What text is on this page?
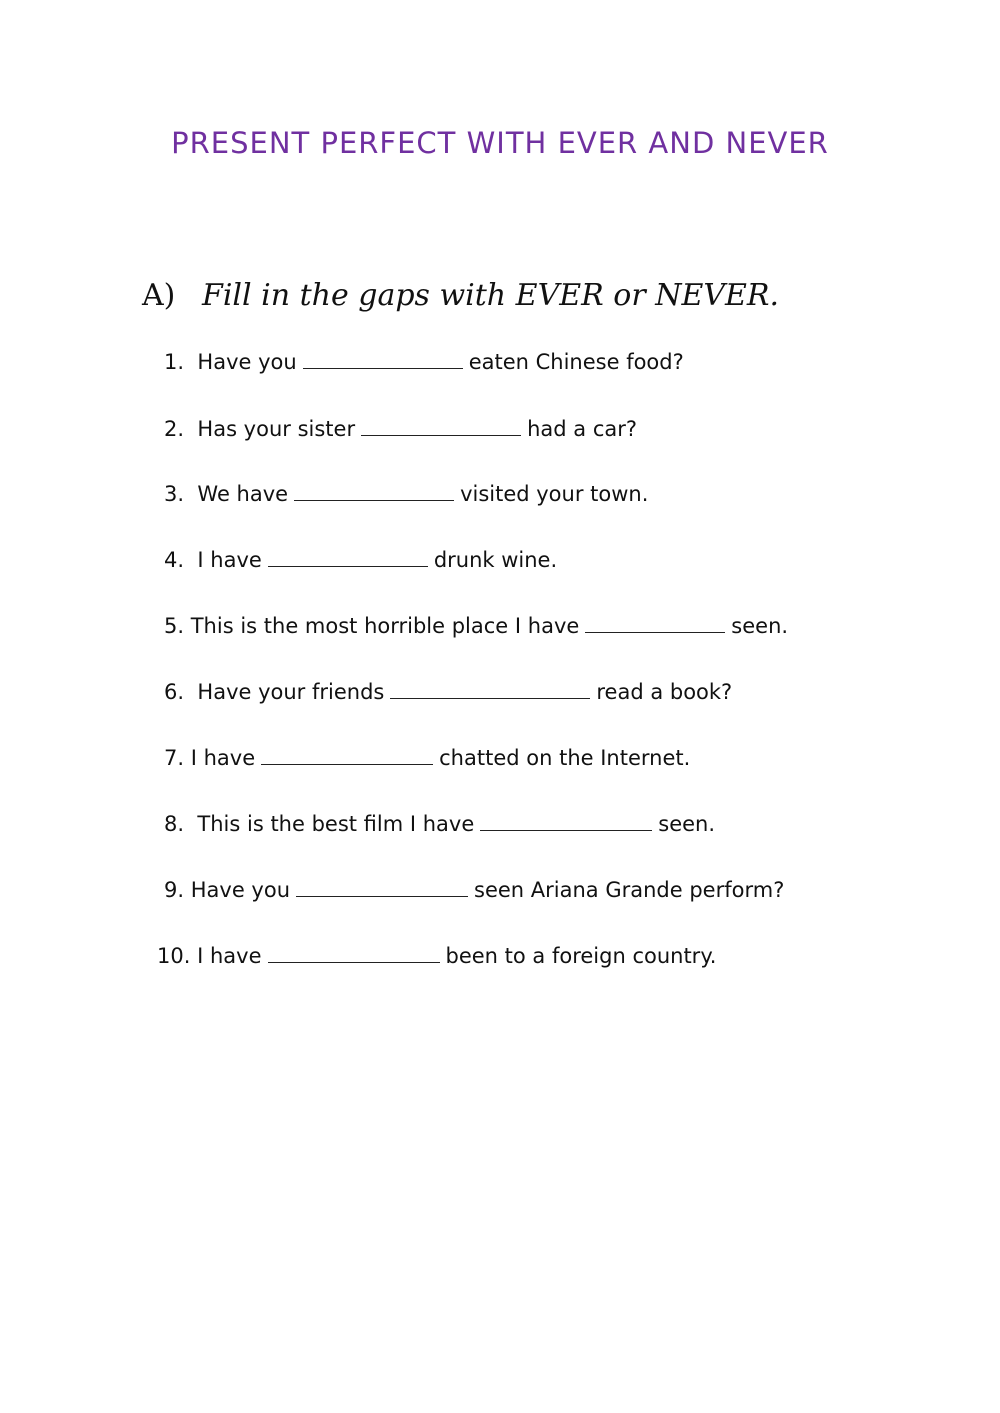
PRESENT PERFECT WITH EVER AND NEVER
A) Fill in the gaps with EVER or NEVER.
1. Have you	eaten Chinese food?
2. Has your sister	had a car?
3. We have	visited your town.
4. I have	drunk wine.
5. This is the most horrible place I have	seen.
6. Have your friends	read a book?
7. I have	chatted on the Internet.
8. This is the best film I have	seen.
9. Have you	seen Ariana Grande perform?
10. I have	been to a foreign country.
